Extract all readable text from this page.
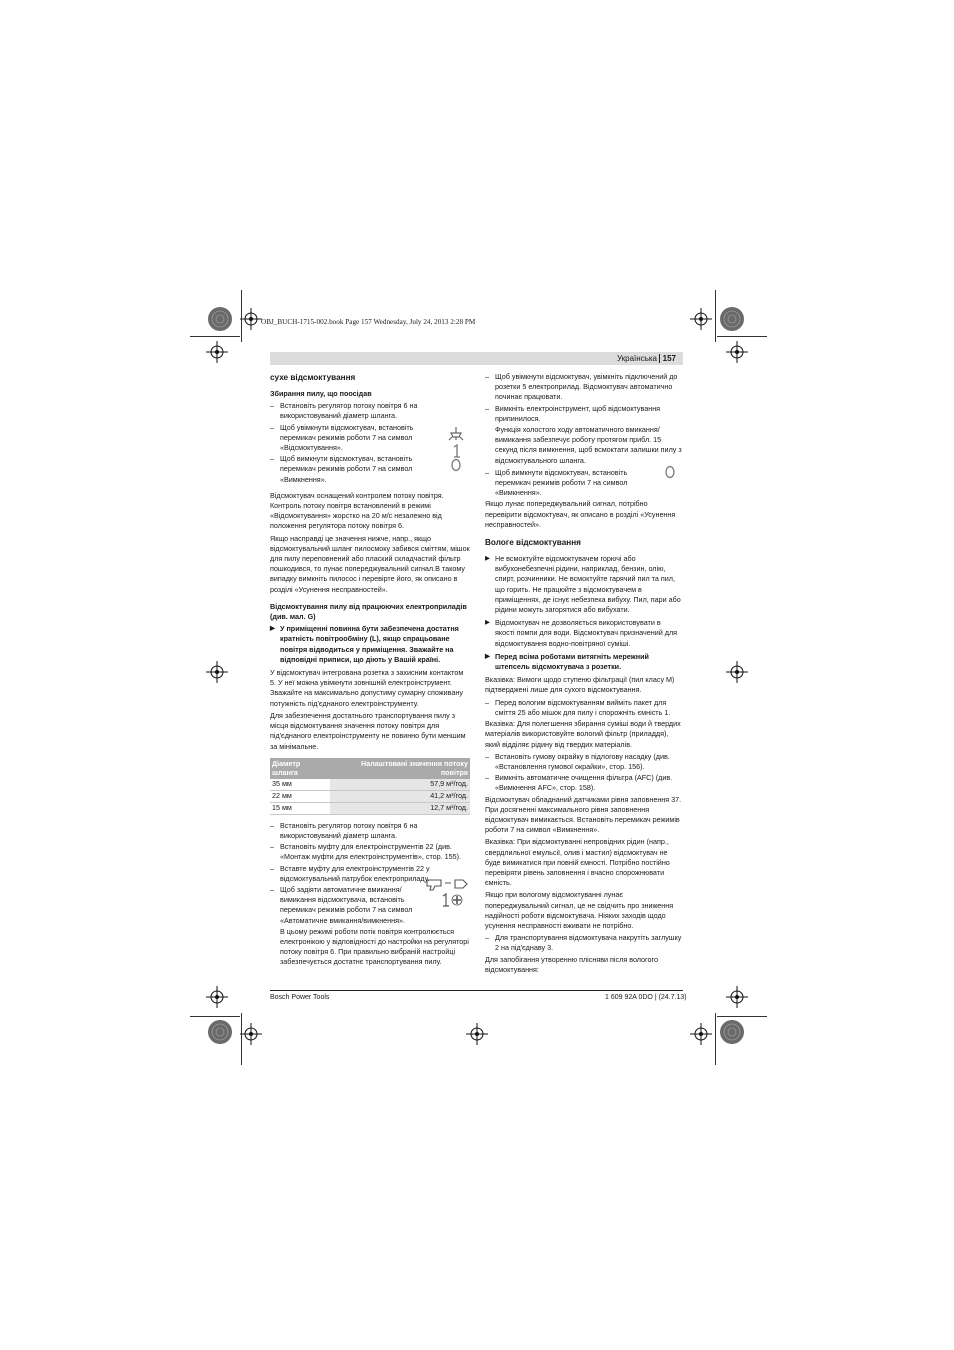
OBJ_BUCH-1715-002.book Page 157 Wednesday, July 24, 2013 2:28 PM
Українська 157
сухе відсмоктування
Збирання пилу, що поосідав

– Встановіть регулятор потоку повітря 6 на використовуваний діаметр шланга.

– Щоб увімкнути відсмоктувач, встановіть перемикач режимів роботи 7 на символ «Відсмоктування».

– Щоб вимкнути відсмоктувач, встановіть перемикач режимів роботи 7 на символ «Вимкнення».

Відсмоктувач оснащений контролем потоку повітря. Контроль потоку повітря встановлений в режимі «Відсмоктування» жорстко на 20 м/с незалежно від положення регулятора потоку повітря 6.

Якщо насправді це значення нижче, напр., якщо відсмоктувальний шланг пилосмоку забився сміттям, мішок для пилу переповнений або плаский складчастий фільтр пошкодився, то лунає попереджувальний сигнал.В такому випадку вимкніть пилосос і перевірте його, як описано в розділі «Усунення несправностей».

Відсмоктування пилу від працюючих електроприладів (див. мал. G)

▶ У приміщенні повинна бути забезпечена достатня кратність повітрообміну (L), якщо спрацьоване повітря відводиться у приміщення. Зважайте на відповідні приписи, що діють у Вашій країні.

У відсмоктувач інтегрована розетка з захисним контактом 5. У неї можна увімкнути зовнішній електроінструмент. Зважайте на максимально допустиму сумарну споживану потужність під'єднаного електроінструменту.

Для забезпечення достатнього транспортування пилу з місця відсмоктування значення потоку повітря для під'єднаного електроінструменту не повинно бути меншим за мінімальне.

Діаметр шланга	Налаштовані значення потоку повітря
35 мм	57,9 м³/год.
22 мм	41,2 м³/год.
15 мм	12,7 м³/год.

– Встановіть регулятор потоку повітря 6 на використовуваний діаметр шланга.

– Встановіть муфту для електроінструментів 22 (див. «Монтаж муфти для електроінструментів», стор. 155).

– Вставте муфту для електроінструментів 22 у відсмоктувальний патрубок електроприладу.

– Щоб задіяти автоматичне вмикання/вимикання відсмоктувача, встановіть перемикач режимів роботи 7 на символ «Автоматичне вмикання/вимкнення».

В цьому режимі роботи потік повітря контролюється електронікою у відповідності до настройки на регуляторі потоку повітря 6. При правильно вибраній настройці забезпечується достатнє транспортування пилу.

– Щоб увімкнути відсмоктувач, увімкніть підключений до розетки 5 електроприлад. Відсмоктувач автоматично починає працювати.

– Вимкніть електроінструмент, щоб відсмоктування припинилося.

Функція холостого ходу автоматичного вмикання/вимикання забезпечує роботу протягом прибл. 15 секунд після вимкнення, щоб всмоктати залишки пилу з відсмоктувального шланга.

– Щоб вимкнути відсмоктувач, встановіть перемикач режимів роботи 7 на символ «Вимкнення».

Якщо лунає попереджувальний сигнал, потрібно перевірити відсмоктувач, як описано в розділі «Усунення несправностей».

Вологе відсмоктування

▶ Не всмоктуйте відсмоктувачем горючі або вибухонебезпечні рідини, наприклад, бензин, олію, спирт, розчинники. Не всмоктуйте гарячий пил та пил, що горить. Не працюйте з відсмоктувачем в приміщеннях, де існує небезпека вибуху. Пил, пари або рідини можуть загорятися або вибухати.

▶ Відсмоктувач не дозволяється використовувати в якості помпи для води. Відсмоктувач призначений для відсмоктування водно-повітряної суміші.

▶ Перед всіма роботами витягніть мережний штепсель відсмоктувача з розетки.

Вказівка: Вимоги щодо ступеню фільтрації (пил класу М) підтверджені лише для сухого відсмоктування.

– Перед вологим відсмоктуванням вийміть пакет для сміття 25 або мішок для пилу і спорожніть ємність 1.

Вказівка: Для полегшення збирання суміші води й твердих матеріалів використовуйте вологий фільтр (приладдя), який відділяє рідину від твердих матеріалів.

– Встановіть гумову окрайку в підлогову насадку (див. «Встановлення гумової окрайки», стор. 156).

– Вимкніть автоматичне очищення фільтра (AFC) (див. «Вимкнення AFC», стор. 158).

Відсмоктувач обладнаний датчиками рівня заповнення 37. При досягненні максимального рівня заповнення відсмоктувач вимикається. Встановіть перемикач режимів роботи 7 на символ «Вимкнення».

Вказівка: При відсмоктуванні непровідних рідин (напр., свердлильної емульсії, олив і мастил) відсмоктувач не буде вимикатися при повній ємності. Потрібно постійно перевіряти рівень заповнення і вчасно спорожнювати ємність.

Якщо при вологому відсмоктуванні лунає попереджувальний сигнал, це не свідчить про зниження надійності роботи відсмоктувача. Ніяких заходів щодо усунення несправності вживати не потрібно.

– Для транспортування відсмоктувача накрутіть заглушку 2 на під'єднаву 3.

Для запобігання утворенню плісняви після вологого відсмоктування:

Bosch Power Tools	1 609 92A 0DO | (24.7.13)
